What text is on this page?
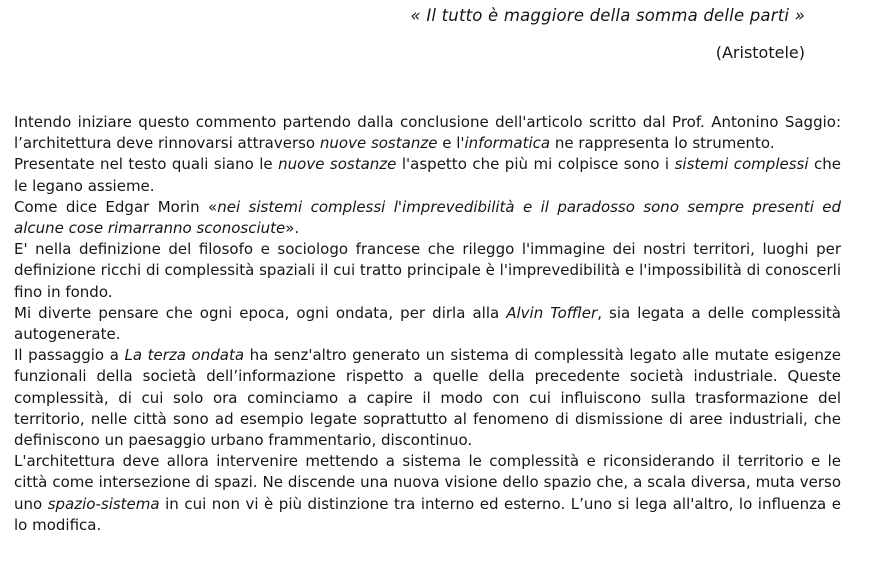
« Il tutto è maggiore della somma delle parti »
(Aristotele)

Intendo iniziare questo commento partendo dalla conclusione dell'articolo scritto dal Prof. Antonino Saggio: l’architettura deve rinnovarsi attraverso nuove sostanze e l'informatica ne rappresenta lo strumento.

Presentate nel testo quali siano le nuove sostanze l'aspetto che più mi colpisce sono i sistemi complessi che le legano assieme.

Come dice Edgar Morin «nei sistemi complessi l'imprevedibilità e il paradosso sono sempre presenti ed alcune cose rimarranno sconosciute».

E' nella definizione del filosofo e sociologo francese che rileggo l'immagine dei nostri territori, luoghi per definizione ricchi di complessità spaziali il cui tratto principale è l'imprevedibilità e l'impossibilità di conoscerli fino in fondo.

Mi diverte pensare che ogni epoca, ogni ondata, per dirla alla Alvin Toffler, sia legata a delle complessità autogenerate.

Il passaggio a La terza ondata ha senz'altro generato un sistema di complessità legato alle mutate esigenze funzionali della società dell’informazione rispetto a quelle della precedente società industriale. Queste complessità, di cui solo ora cominciamo a capire il modo con cui influiscono sulla trasformazione del territorio, nelle città sono ad esempio legate soprattutto al fenomeno di dismissione di aree industriali, che definiscono un paesaggio urbano frammentario, discontinuo.

L'architettura deve allora intervenire mettendo a sistema le complessità e riconsiderando il territorio e le città come intersezione di spazi. Ne discende una nuova visione dello spazio che, a scala diversa, muta verso uno spazio-sistema in cui non vi è più distinzione tra interno ed esterno. L’uno si lega all'altro, lo influenza e lo modifica.
